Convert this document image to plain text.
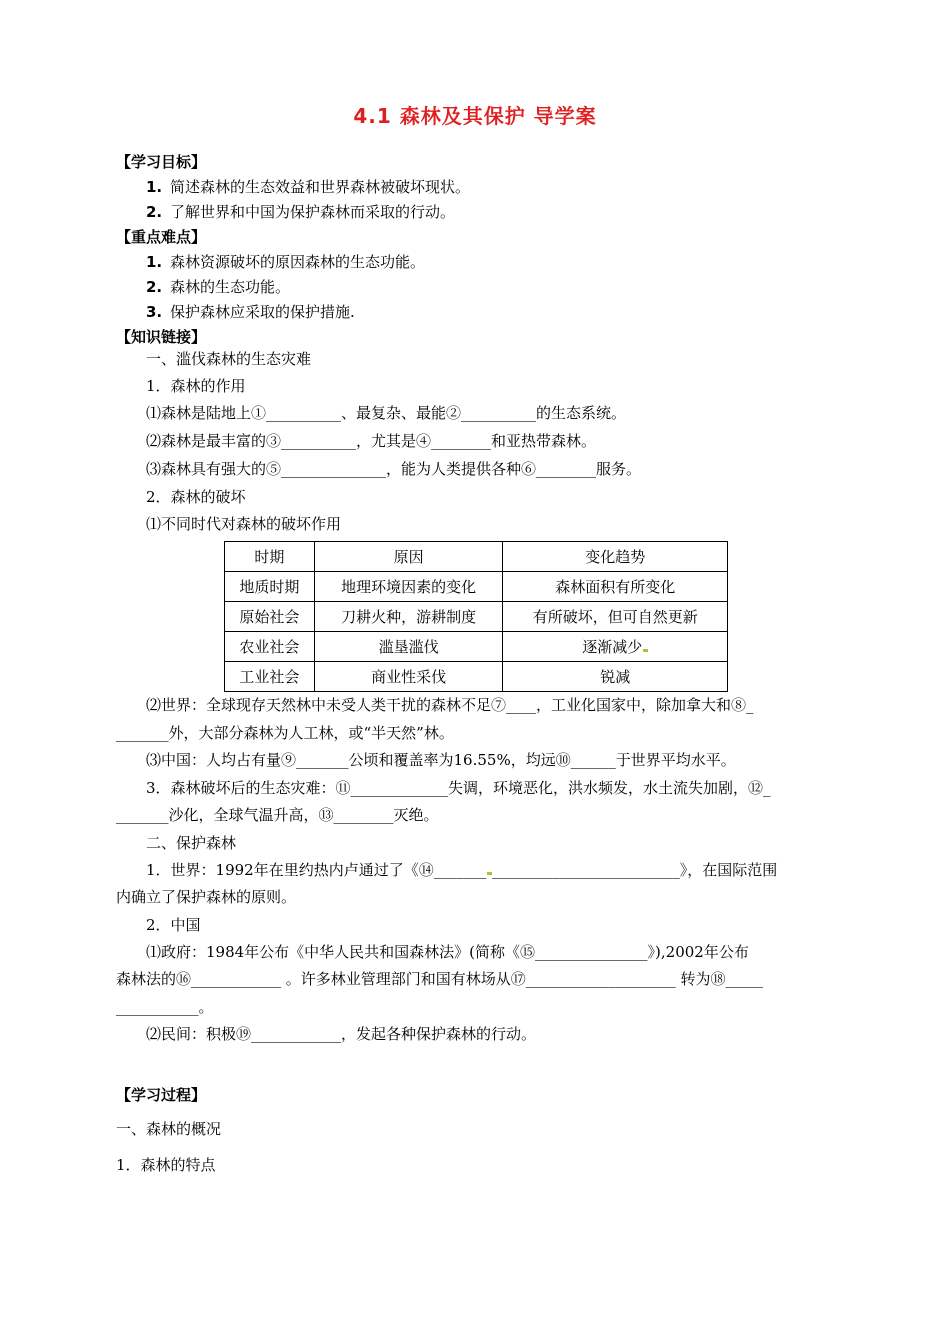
4.1 森林及其保护 导学案
【学习目标】
1. 简述森林的生态效益和世界森林被破坏现状。
2. 了解世界和中国为保护森林而采取的行动。
【重点难点】
1. 森林资源破坏的原因森林的生态功能。
2. 森林的生态功能。
3. 保护森林应采取的保护措施.
【知识链接】
一、滥伐森林的生态灾难
1．森林的作用
⑴森林是陆地上①__________、最复杂、最能②__________的生态系统。
⑵森林是最丰富的③__________，尤其是④________和亚热带森林。
⑶森林具有强大的⑤______________，能为人类提供各种⑥________服务。
2．森林的破坏
⑴不同时代对森林的破坏作用
时期	原因	变化趋势
地质时期	地理环境因素的变化	森林面积有所变化
原始社会	刀耕火种，游耕制度	有所破坏，但可自然更新
农业社会	滥垦滥伐	逐渐减少
工业社会	商业性采伐	锐减
⑵世界：全球现存天然林中未受人类干扰的森林不足⑦____，工业化国家中，除加拿大和⑧_
_______外，大部分森林为人工林，或“半天然”林。
⑶中国：人均占有量⑨_______公顷和覆盖率为16.55%，均远⑩______于世界平均水平。
3．森林破坏后的生态灾难：⑪_____________失调，环境恶化，洪水频发，水土流失加剧，⑫_
_______沙化，全球气温升高，⑬________灭绝。
二、保护森林
1．世界：1992年在里约热内卢通过了《⑭_______ _________________________》，在国际范围
内确立了保护森林的原则。
2．中国
⑴政府：1984年公布《中华人民共和国森林法》(简称《⑮_______________》),2002年公布
森林法的⑯____________ 。许多林业管理部门和国有林场从⑰____________________ 转为⑱_____
___________。
⑵民间：积极⑲____________，发起各种保护森林的行动。
【学习过程】
一、森林的概况
1．森林的特点
